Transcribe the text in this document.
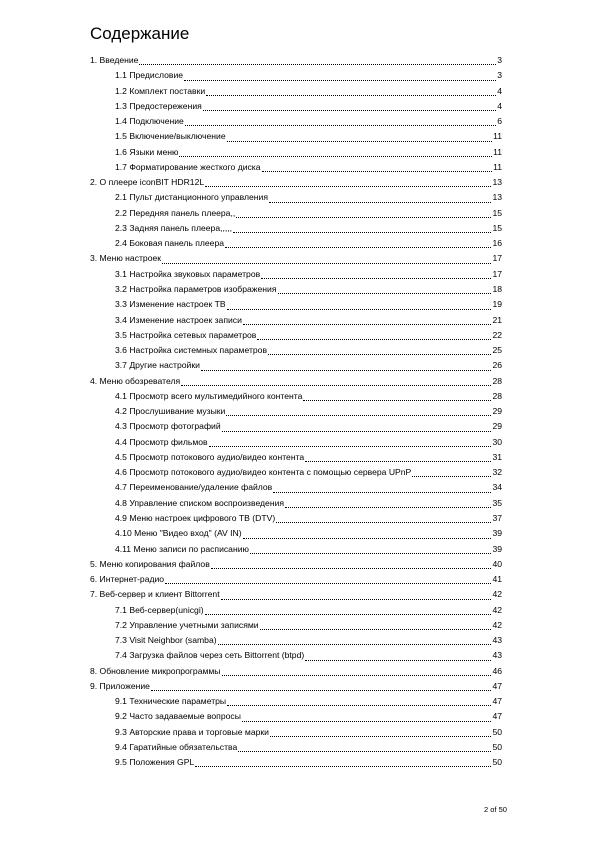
Содержание
1. Введение	3
1.1 Предисловие	3
1.2 Комплект поставки	4
1.3 Предостережения	4
1.4 Подключение	6
1.5 Включение/выключение	11
1.6 Языки меню	11
1.7 Форматирование жесткого диска	11
2. О плеере iconBIT HDR12L	13
2.1 Пульт дистанционного управления	13
2.2 Передняя панель плеера,,	15
2.3 Задняя панель плеера,,,,,	15
2.4 Боковая панель плеера	16
3. Меню настроек	17
3.1 Настройка звуковых параметров	17
3.2 Настройка параметров изображения	18
3.3 Изменение настроек ТВ	19
3.4 Изменение настроек записи	21
3.5 Настройка сетевых параметров	22
3.6 Настройка системных параметров	25
3.7 Другие настройки	26
4. Меню обозревателя	28
4.1 Просмотр всего мультимедийного контента	28
4.2 Прослушивание музыки	29
4.3 Просмотр фотографий	29
4.4 Просмотр фильмов	30
4.5 Просмотр потокового аудио/видео контента	31
4.6 Просмотр потокового аудио/видео контента с помощью сервера UPnP	32
4.7 Переименование/удаление файлов	34
4.8 Управление списком воспроизведения	35
4.9 Меню настроек цифрового ТВ (DTV)	37
4.10 Меню "Видео вход" (AV IN)	39
4.11 Меню записи по расписанию	39
5. Меню копирования файлов	40
6. Интернет-радио	41
7. Веб-сервер и клиент Bittorrent	42
7.1 Веб-сервер(unicgi)	42
7.2 Управление учетными записями	42
7.3 Visit Neighbor (samba)	43
7.4 Загрузка файлов через сеть Bittorrent (btpd)	43
8. Обновление микропрограммы	46
9. Приложение	47
9.1 Технические параметры	47
9.2 Часто задаваемые вопросы	47
9.3 Авторские права и торговые марки	50
9.4 Гаратийные обязательства	50
9.5 Положения GPL	50
2 of 50
